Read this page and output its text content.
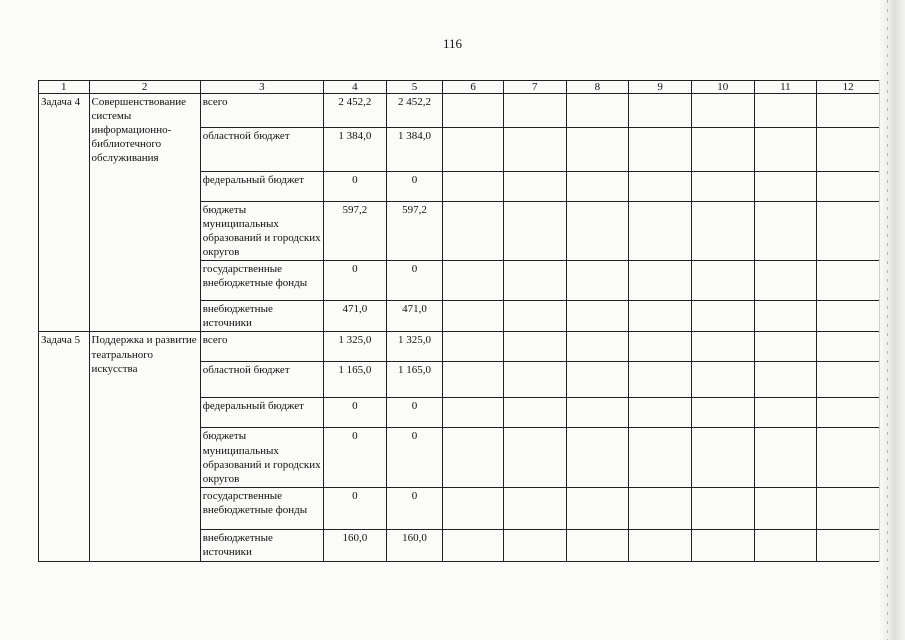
116
1	2	3	4	5	6	7	8	9	10	11	12
Задача 4	Совершенствование системы информационно-библиотечного обслуживания	всего	2 452,2	2 452,2							
		областной бюджет	1 384,0	1 384,0							
		федеральный бюджет	0	0							
		бюджеты муниципальных образований и городских округов	597,2	597,2							
		государственные внебюджетные фонды	0	0							
		внебюджетные источники	471,0	471,0							
Задача 5	Поддержка и развитие театрального искусства	всего	1 325,0	1 325,0							
		областной бюджет	1 165,0	1 165,0							
		федеральный бюджет	0	0							
		бюджеты муниципальных образований и городских округов	0	0							
		государственные внебюджетные фонды	0	0							
		внебюджетные источники	160,0	160,0							
